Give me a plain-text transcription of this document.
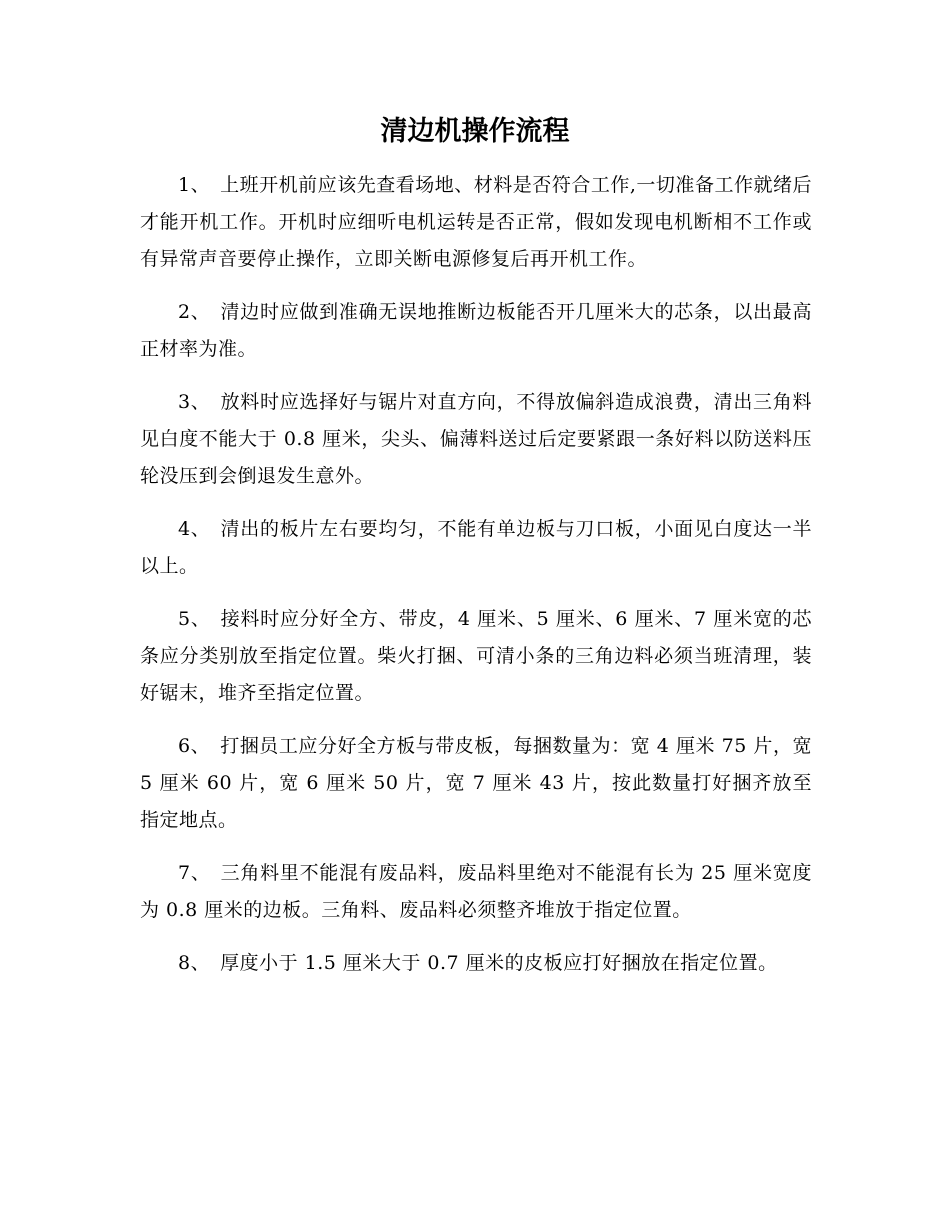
清边机操作流程

1、 上班开机前应该先查看场地、材料是否符合工作,一切准备工作就绪后才能开机工作。开机时应细听电机运转是否正常，假如发现电机断相不工作或有异常声音要停止操作，立即关断电源修复后再开机工作。

2、 清边时应做到准确无误地推断边板能否开几厘米大的芯条，以出最高正材率为准。

3、 放料时应选择好与锯片对直方向，不得放偏斜造成浪费，清出三角料见白度不能大于 0.8 厘米，尖头、偏薄料送过后定要紧跟一条好料以防送料压轮没压到会倒退发生意外。

4、 清出的板片左右要均匀，不能有单边板与刀口板，小面见白度达一半以上。

5、 接料时应分好全方、带皮，4 厘米、5 厘米、6 厘米、7 厘米宽的芯条应分类别放至指定位置。柴火打捆、可清小条的三角边料必须当班清理，装好锯末，堆齐至指定位置。

6、 打捆员工应分好全方板与带皮板，每捆数量为：宽 4 厘米 75 片，宽 5 厘米 60 片，宽 6 厘米 50 片，宽 7 厘米 43 片，按此数量打好捆齐放至指定地点。

7、 三角料里不能混有废品料，废品料里绝对不能混有长为 25 厘米宽度为 0.8 厘米的边板。三角料、废品料必须整齐堆放于指定位置。

8、 厚度小于 1.5 厘米大于 0.7 厘米的皮板应打好捆放在指定位置。
